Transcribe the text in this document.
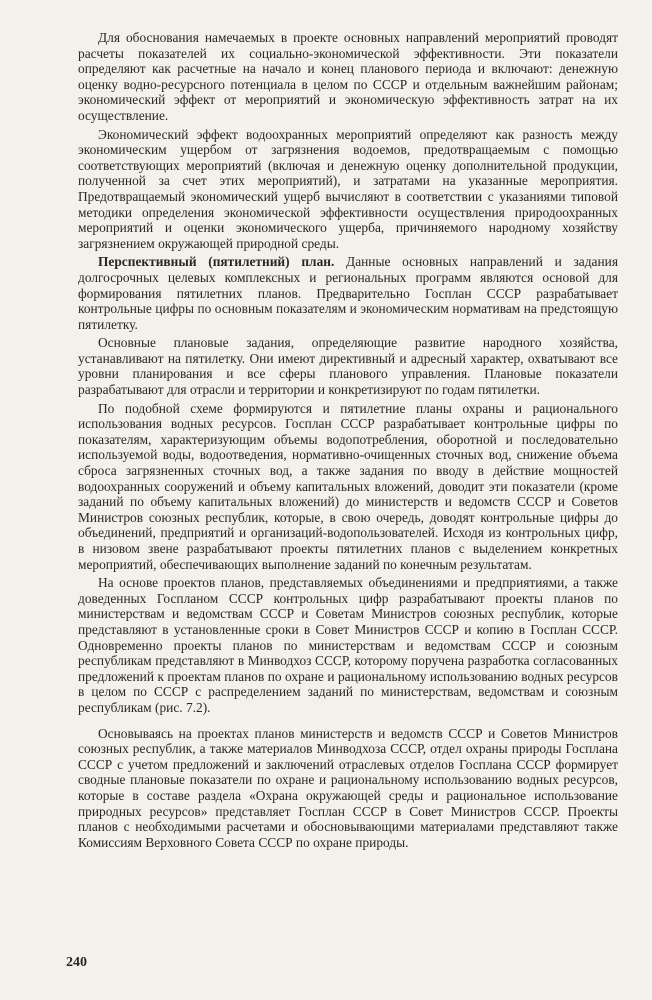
Для обоснования намечаемых в проекте основных направлений мероприятий проводят расчеты показателей их социально-экономической эффективности. Эти показатели определяют как расчетные на начало и конец планового периода и включают: денежную оценку водно-ресурсного потенциала в целом по СССР и отдельным важнейшим районам; экономический эффект от мероприятий и экономическую эффективность затрат на их осуществление.

Экономический эффект водоохранных мероприятий определяют как разность между экономическим ущербом от загрязнения водоемов, предотвращаемым с помощью соответствующих мероприятий (включая и денежную оценку дополнительной продукции, полученной за счет этих мероприятий), и затратами на указанные мероприятия. Предотвращаемый экономический ущерб вычисляют в соответствии с указаниями типовой методики определения экономической эффективности осуществления природоохранных мероприятий и оценки экономического ущерба, причиняемого народному хозяйству загрязнением окружающей природной среды.

Перспективный (пятилетний) план. Данные основных направлений и задания долгосрочных целевых комплексных и региональных программ являются основой для формирования пятилетних планов. Предварительно Госплан СССР разрабатывает контрольные цифры по основным показателям и экономическим нормативам на предстоящую пятилетку.

Основные плановые задания, определяющие развитие народного хозяйства, устанавливают на пятилетку. Они имеют директивный и адресный характер, охватывают все уровни планирования и все сферы планового управления. Плановые показатели разрабатывают для отрасли и территории и конкретизируют по годам пятилетки.

По подобной схеме формируются и пятилетние планы охраны и рационального использования водных ресурсов. Госплан СССР разрабатывает контрольные цифры по показателям, характеризующим объемы водопотребления, оборотной и последовательно используемой воды, водоотведения, нормативно-очищенных сточных вод, снижение объема сброса загрязненных сточных вод, а также задания по вводу в действие мощностей водоохранных сооружений и объему капитальных вложений, доводит эти показатели (кроме заданий по объему капитальных вложений) до министерств и ведомств СССР и Советов Министров союзных республик, которые, в свою очередь, доводят контрольные цифры до объединений, предприятий и организаций-водопользователей. Исходя из контрольных цифр, в низовом звене разрабатывают проекты пятилетних планов с выделением конкретных мероприятий, обеспечивающих выполнение заданий по конечным результатам.

На основе проектов планов, представляемых объединениями и предприятиями, а также доведенных Госпланом СССР контрольных цифр разрабатывают проекты планов по министерствам и ведомствам СССР и Советам Министров союзных республик, которые представляют в установленные сроки в Совет Министров СССР и копию в Госплан СССР. Одновременно проекты планов по министерствам и ведомствам СССР и союзным республикам представляют в Минводхоз СССР, которому поручена разработка согласованных предложений к проектам планов по охране и рациональному использованию водных ресурсов в целом по СССР с распределением заданий по министерствам, ведомствам и союзным республикам (рис. 7.2).

Основываясь на проектах планов министерств и ведомств СССР и Советов Министров союзных республик, а также материалов Минводхоза СССР, отдел охраны природы Госплана СССР с учетом предложений и заключений отраслевых отделов Госплана СССР формирует сводные плановые показатели по охране и рациональному использованию водных ресурсов, которые в составе раздела «Охрана окружающей среды и рациональное использование природных ресурсов» представляет Госплан СССР в Совет Министров СССР. Проекты планов с необходимыми расчетами и обосновывающими материалами представляют также Комиссиям Верховного Совета СССР по охране природы.

240
